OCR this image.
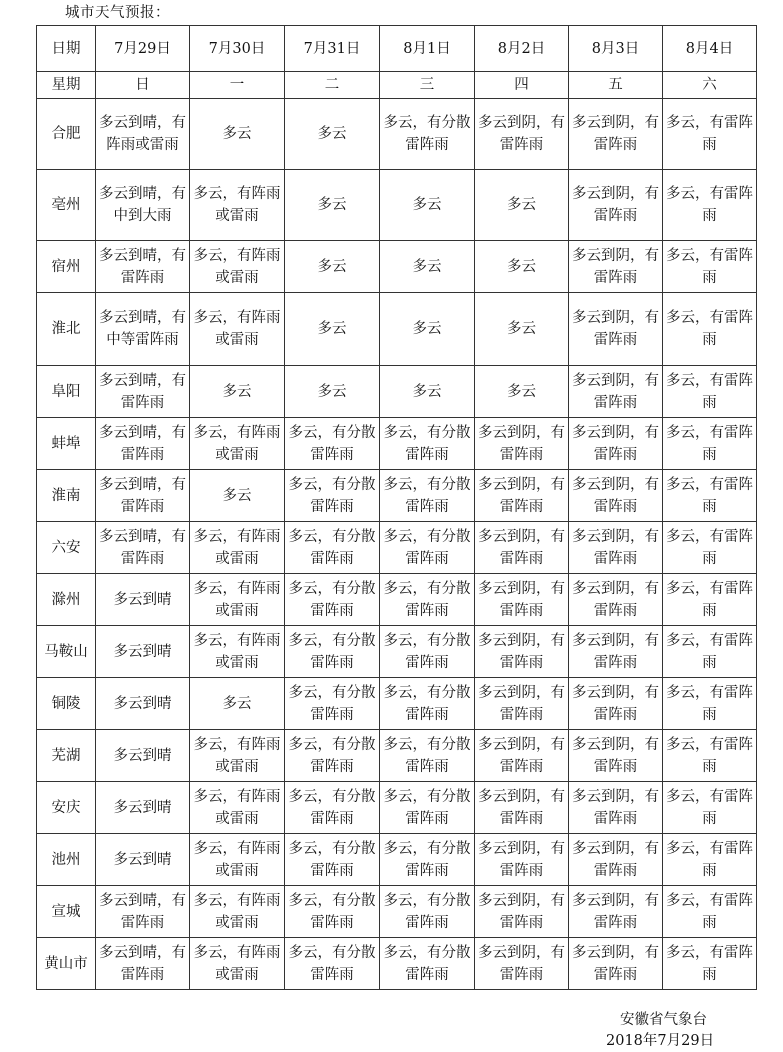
城市天气预报：
日期	7月29日	7月30日	7月31日	8月1日	8月2日	8月3日	8月4日
星期	日	一	二	三	四	五	六
合肥	多云到晴，有阵雨或雷雨	多云	多云	多云，有分散雷阵雨	多云到阴，有雷阵雨	多云到阴，有雷阵雨	多云，有雷阵雨
亳州	多云到晴，有中到大雨	多云，有阵雨或雷雨	多云	多云	多云	多云到阴，有雷阵雨	多云，有雷阵雨
宿州	多云到晴，有雷阵雨	多云，有阵雨或雷雨	多云	多云	多云	多云到阴，有雷阵雨	多云，有雷阵雨
淮北	多云到晴，有中等雷阵雨	多云，有阵雨或雷雨	多云	多云	多云	多云到阴，有雷阵雨	多云，有雷阵雨
阜阳	多云到晴，有雷阵雨	多云	多云	多云	多云	多云到阴，有雷阵雨	多云，有雷阵雨
蚌埠	多云到晴，有雷阵雨	多云，有阵雨或雷雨	多云，有分散雷阵雨	多云，有分散雷阵雨	多云到阴，有雷阵雨	多云到阴，有雷阵雨	多云，有雷阵雨
淮南	多云到晴，有雷阵雨	多云	多云，有分散雷阵雨	多云，有分散雷阵雨	多云到阴，有雷阵雨	多云到阴，有雷阵雨	多云，有雷阵雨
六安	多云到晴，有雷阵雨	多云，有阵雨或雷雨	多云，有分散雷阵雨	多云，有分散雷阵雨	多云到阴，有雷阵雨	多云到阴，有雷阵雨	多云，有雷阵雨
滁州	多云到晴	多云，有阵雨或雷雨	多云，有分散雷阵雨	多云，有分散雷阵雨	多云到阴，有雷阵雨	多云到阴，有雷阵雨	多云，有雷阵雨
马鞍山	多云到晴	多云，有阵雨或雷雨	多云，有分散雷阵雨	多云，有分散雷阵雨	多云到阴，有雷阵雨	多云到阴，有雷阵雨	多云，有雷阵雨
铜陵	多云到晴	多云	多云，有分散雷阵雨	多云，有分散雷阵雨	多云到阴，有雷阵雨	多云到阴，有雷阵雨	多云，有雷阵雨
芜湖	多云到晴	多云，有阵雨或雷雨	多云，有分散雷阵雨	多云，有分散雷阵雨	多云到阴，有雷阵雨	多云到阴，有雷阵雨	多云，有雷阵雨
安庆	多云到晴	多云，有阵雨或雷雨	多云，有分散雷阵雨	多云，有分散雷阵雨	多云到阴，有雷阵雨	多云到阴，有雷阵雨	多云，有雷阵雨
池州	多云到晴	多云，有阵雨或雷雨	多云，有分散雷阵雨	多云，有分散雷阵雨	多云到阴，有雷阵雨	多云到阴，有雷阵雨	多云，有雷阵雨
宣城	多云到晴，有雷阵雨	多云，有阵雨或雷雨	多云，有分散雷阵雨	多云，有分散雷阵雨	多云到阴，有雷阵雨	多云到阴，有雷阵雨	多云，有雷阵雨
黄山市	多云到晴，有雷阵雨	多云，有阵雨或雷雨	多云，有分散雷阵雨	多云，有分散雷阵雨	多云到阴，有雷阵雨	多云到阴，有雷阵雨	多云，有雷阵雨
安徽省气象台
2018年7月29日
